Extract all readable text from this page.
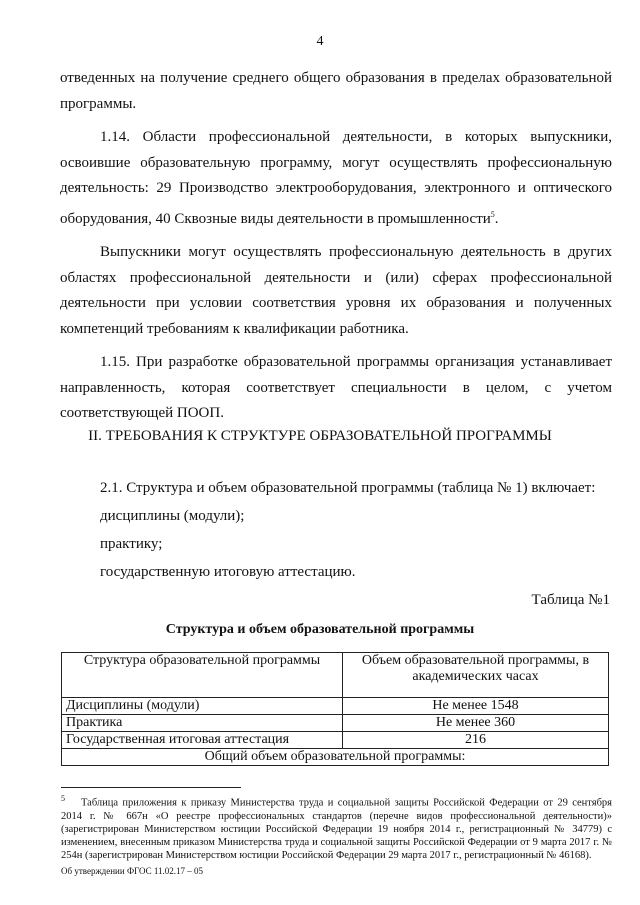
4

отведенных на получение среднего общего образования в пределах образовательной программы.

1.14. Области профессиональной деятельности, в которых выпускники, освоившие образовательную программу, могут осуществлять профессиональную деятельность: 29 Производство электрооборудования, электронного и оптического оборудования, 40 Сквозные виды деятельности в промышленности$^5$.

Выпускники могут осуществлять профессиональную деятельность в других областях профессиональной деятельности и (или) сферах профессиональной деятельности при условии соответствия уровня их образования и полученных компетенций требованиям к квалификации работника.

1.15. При разработке образовательной программы организация устанавливает направленность, которая соответствует специальности в целом, с учетом соответствующей ПООП.

II. ТРЕБОВАНИЯ К СТРУКТУРЕ ОБРАЗОВАТЕЛЬНОЙ ПРОГРАММЫ

2.1. Структура и объем образовательной программы (таблица № 1) включает:

дисциплины (модули);

практику;

государственную итоговую аттестацию.

Таблица №1
Структура и объем образовательной программы
Структура образовательной программы	Объем образовательной программы, в академических часах
Дисциплины (модули)	Не менее 1548
Практика	Не менее 360
Государственная итоговая аттестация	216
Общий объем образовательной программы:	
$^5$ Таблица приложения к приказу Министерства труда и социальной защиты Российской Федерации от 29 сентября 2014 г. № 667н «О реестре профессиональных стандартов (перечне видов профессиональной деятельности)» (зарегистрирован Министерством юстиции Российской Федерации 19 ноября 2014 г., регистрационный № 34779) с изменением, внесенным приказом Министерства труда и социальной защиты Российской Федерации от 9 марта 2017 г. № 254н (зарегистрирован Министерством юстиции Российской Федерации 29 марта 2017 г., регистрационный № 46168).
Об утверждении ФГОС 11.02.17 – 05
